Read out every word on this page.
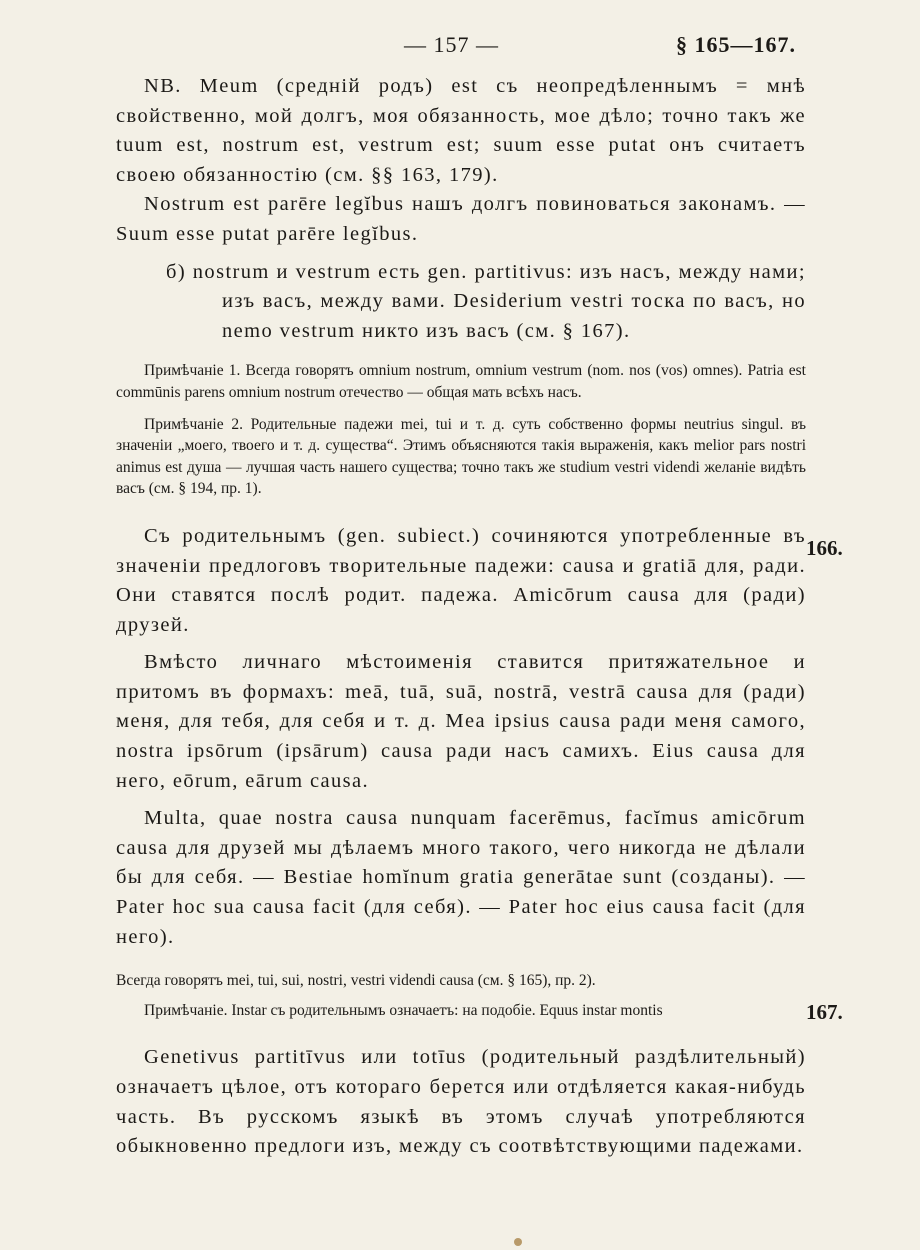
— 157 —	§ 165—167.

NB. Meum (средній родъ) est съ неопредѣленнымъ = мнѣ свойственно, мой долгъ, моя обязанность, мое дѣло; точно такъ же tuum est, nostrum est, vestrum est; suum esse putat онъ считаетъ своею обязанностію (см. §§ 163, 179).

Nostrum est parēre legĭbus нашъ долгъ повиноваться законамъ. — Suum esse putat parēre legĭbus.

б) nostrum и vestrum есть gen. partitivus: изъ насъ, между нами; изъ васъ, между вами. Desiderium vestri тоска по васъ, но nemo vestrum никто изъ васъ (см. § 167).

Примѣчаніе 1. Всегда говорятъ omnium nostrum, omnium vestrum (nom. nos (vos) omnes). Patria est commūnis parens omnium nostrum отечество — общая мать всѣхъ насъ.

Примѣчаніе 2. Родительные падежи mei, tui и т. д. суть собственно формы neutrius singul. въ значеніи „моего, твоего и т. д. существа“. Этимъ объясняются такія выраженія, какъ melior pars nostri animus est душа — лучшая часть нашего существа; точно такъ же studium vestri videndi желаніе видѣть васъ (см. § 194, пр. 1).

Съ родительнымъ (gen. subiect.) сочиняются употребленные въ значеніи предлоговъ творительные падежи: causa и gratiā для, ради. Они ставятся послѣ родит. падежа. Amicōrum causa для (ради) друзей.

Вмѣсто личнаго мѣстоименія ставится притяжательное и притомъ въ формахъ: meā, tuā, suā, nostrā, vestrā causa для (ради) меня, для тебя, для себя и т. д. Mea ipsius causa ради меня самого, nostra ipsōrum (ipsārum) causa ради насъ самихъ. Eius causa для него, eōrum, eārum causa.

Multa, quae nostra causa nunquam facerēmus, facĭmus amicōrum causa для друзей мы дѣлаемъ много такого, чего никогда не дѣлали бы для себя. — Bestiae homĭnum gratia generātae sunt (созданы). — Pater hoc sua causa facit (для себя). — Pater hoc eius causa facit (для него).

Всегда говорятъ mei, tui, sui, nostri, vestri videndi causa (см. § 165), пр. 2).

Примѣчаніе. Instar съ родительнымъ означаетъ: на подобіе. Equus instar montis

Genetivus partitīvus или totīus (родительный раздѣлительный) означаетъ цѣлое, отъ котораго берется или отдѣляется какая-нибудь часть. Въ русскомъ языкѣ въ этомъ случаѣ употребляются обыкновенно предлоги изъ, между съ соотвѣтствующими падежами.

166.
167.
